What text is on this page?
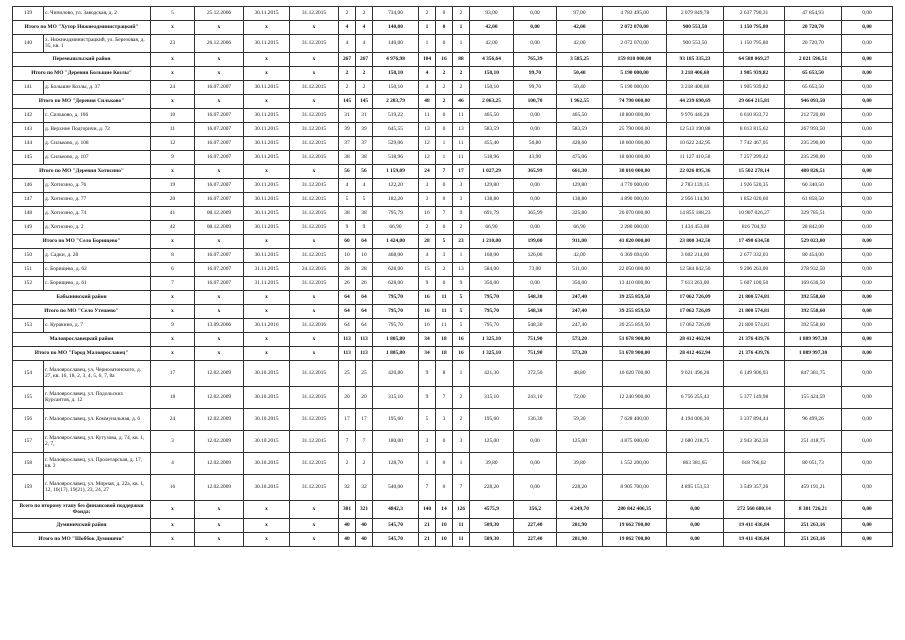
139	с. Чипилово, ул. Заводская, д. 2	5	25.12.2006	30.11.2015	31.12.2015	2	2	734,00	2	0	2	93,00	0,00	97,00	4 783 495,00	2 079 849,78	2 637 790,31	47 854,93	0,00
Итого по МО "Хутор Нижнеадминистрацкий"		x	x	x	x	4	4	140,00	1	0	1	42,00	0,00	42,00	2 072 070,00	900 553,50	1 150 795,80	20 720,70	0,00
140	х. Нижнеадминистрацкий, ул. Березовая, д. 35, кв. 1	23	26.12.2006	30.11.2015	31.12.2015	4	4	140,00	1	0	1	42,00	0,00	42,00	2 072 070,00	900 553,50	1 150 795,80	20 720,70	0,00
Перемышльский район		x	x	x	x	267	267	4 976,98	104	16	88	4 356,64	765,39	3 585,25	159 810 000,00	93 185 335,23	64 588 069,27	2 021 596,51	0,00
Итого по МО "Деревня Большие Козлы"		x	x	x	x	2	2	150,10	4	2	2	150,10	99,70	50,40	5 190 000,00	3 218 406,68	1 905 939,82	65 653,50	0,00
141	д. Большие Козлы, д. 37	24	16.07.2007	30.11.2015	31.12.2015	2	2	150,10	4	2	2	150,10	99,70	50,40	5 190 000,00	3 218 406,68	1 905 939,82	65 653,50	0,00
Итого по МО "Деревня Сильково"		x	x	x	x	145	145	2 203,79	48	2	46	2 063,25	100,70	1 962,55	74 790 000,00	44 239 690,69	29 664 215,81	946 093,50	0,00
142	с. Сильково, д. 106	10	16.07.2007	30.11.2015	31.12.2015	31	31	519,22	11	0	11	465,50	0,00	465,50	18 800 000,00	9 976 446,28	6 610 833,72	212 720,00	0,00
143	д. Верхние Подгоричи, д. 72	11	16.07.2007	30.11.2015	31.12.2015	39	39	645,55	13	0	13	583,59	0,00	583,59	25 790 000,00	12 513 190,88	8 013 815,62	267 993,50	0,00
144	д. Сильково, д. 108	12	16.07.2007	30.11.2015	31.12.2015	37	37	529,06	12	1	11	455,40	56,80	428,60	18 600 000,00	10 622 242,95	7 742 467,05	235 290,00	0,00
145	д. Сильково, д. 107	9	16.07.2007	30.11.2015	31.12.2015	38	38	518,96	12	1	11	518,96	43,90	475,06	18 600 000,00	11 127 410,58	7 257 299,42	235 290,00	0,00
Итого по МО "Деревня Хотисино"		x	x	x	x	56	56	1 159,09	24	7	17	1 027,29	365,99	661,30	38 010 000,00	22 026 895,36	15 502 278,14	480 826,51	0,00
146	д. Хотисино, д. 76	19	16.07.2007	30.11.2015	31.12.2015	4	4	122,20	3	0	3	129,80	0,00	129,80	4 770 000,00	2 783 139,15	1 926 520,35	60 340,50	0,00
147	д. Хотисино, д. 77	20	16.07.2007	30.11.2015	31.12.2015	5	5	182,20	3	0	3	138,80	0,00	138,80	4 890 000,00	2 956 114,90	1 852 026,60	61 858,50	0,00
148	д. Хотисино, д. 74	41	08.12.2009	30.11.2015	31.12.2015	38	38	795,79	16	7	9	691,79	365,99	325,80	26 070 000,00	14 855 188,23	10 907 026,27	329 785,51	0,00
149	д. Хотисино, д. 2	42	08.12.2009	30.11.2015	31.12.2015	9	9	66,90	2	0	2	66,90	0,00	66,90	2 280 000,00	1 434 453,08	816 704,92	28 842,00	0,00
Итого по МО "Село Борищево"		x	x	x	x	60	64	1 424,00	28	5	23	1 210,00	199,00	911,00	41 820 000,00	23 800 342,50	17 490 634,50	529 023,00	0,00
150	д. Садки, д. 28	8	16.07.2007	30.11.2015	31.12.2015	10	10	468,00	4	3	1	168,00	126,00	42,00	6 369 694,00	3 602 214,00	2 677 332,03	80 454,00	0,00
151	с. Борищево, д. 62	6	16.07.2007	31.11.2015	24.12.2015	28	28	628,00	15	2	13	584,00	73,00	511,00	22 050 000,00	12 584 842,50	9 206 263,00	278 932,50	0,00
152	с. Борищево, д. 61	7	16.07.2007	31.11.2015	31.12.2015	26	26	628,00	9	0	9	356,00	0,00	356,00	13 410 000,00	7 613 263,00	5 607 100,50	169 636,50	0,00
Бабынинский район		x	x	x	x	64	64	795,70	16	11	5	795,70	548,30	247,40	39 255 859,50	17 062 726,09	21 800 574,81	392 558,60	0,00
Итого по МО "Село Утешево"		x	x	x	x	64	64	795,70	16	11	5	795,70	548,30	247,40	39 255 859,50	17 062 726,09	21 800 574,81	392 558,60	0,00
153	с. Куракинo, д. 7	9	13.09.2006	30.11.2016	31.12.2016	64	64	795,70	16	11	5	795,70	548,30	247,40	39 255 859,50	17 062 726,09	21 800 574,81	392 558,60	0,00
Малоярославецкий район		x	x	x	x	113	113	1 805,80	34	18	16	1 325,10	751,90	573,20	51 678 900,00	28 412 462,94	21 376 439,76	1 889 997,30	0,00
Итого по МО "Город Малоярославец"		x	x	x	x	113	113	1 805,80	34	18	16	1 325,10	751,90	573,20	51 678 900,00	28 412 462,94	21 376 439,76	1 889 997,30	0,00
154	г. Малоярославец, ул. Чернозатонского, д. 27, кв. 16, 18, 2, 3, 4, 5, 6, 7, 8a	17	12.02.2009	30.10.2015	31.12.2015	25	25	420,80	9	8	1	421,30	372,50	48,80	16 620 700,00	9 021 496,28	6 149 906,93	847 381,75	0,00
155	г. Малоярославец, ул. Подольских Курсантов, д. 12	18	12.02.2009	30.10.2015	31.12.2015	20	20	315,10	9	7	2	315,10	243,10	72,00	12 240 900,00	6 756 255,43	5 377 149,98	155 424,59	0,00
156	г. Малоярославец, ул. Коммунальная, д. 6	24	12.02.2009	30.10.2015	31.12.2015	17	17	195,60	5	3	2	195,60	136,30	59,30	7 628 400,00	4 194 006,30	3 337 894,44	96 499,26	0,00
157	г. Малоярославец, ул. Кутузова, д. 74, кв. 1, 2, 7,	3	12.02.2009	30.10.2015	31.12.2015	7	7	180,00	3	0	3	125,00	0,00	125,00	4 875 000,00	2 680 218,75	2 943 362,50	251 418,75	0,00
158	г. Малоярославец, ул. Пролетарская, д. 17, кв. 2	4	12.02.2009	30.10.2015	31.12.2015	2	2	128,70	1	0	1	39,80	0,00	39,80	1 552 200,00	863 381,65	618 766,62	80 051,73	0,00
159	г. Малоярославец, ул. Мирная, д. 22а, кв. 1, 12, 16(17), 19(21), 23, 24, 27	16	12.02.2009	30.10.2015	31.12.2015	32	32	540,00	7	0	7	228,20	0,00	228,20	8 905 700,00	4 895 151,53	3 549 357,26	459 191,21	0,00
Всего по второму этапу без финансовой поддержки Фонда:		x	x	x	x	301	321	4842,3	140	14	126	4575,9	356,2	4 249,70	280 842 406,35	0,00	272 560 680,14	8 301 726,21	0,00
Думиничский район		x	x	x	x	40	40	545,70	21	10	11	509,30	227,40	281,90	19 662 700,00	0,00	19 411 436,84	251 263,16	0,00
Итого по МО "Шоббок Думиничи"		x	x	x	x	40	40	545,70	21	10	11	509,30	227,40	281,90	19 862 700,00	0,00	19 411 436,84	251 263,16	0,00
